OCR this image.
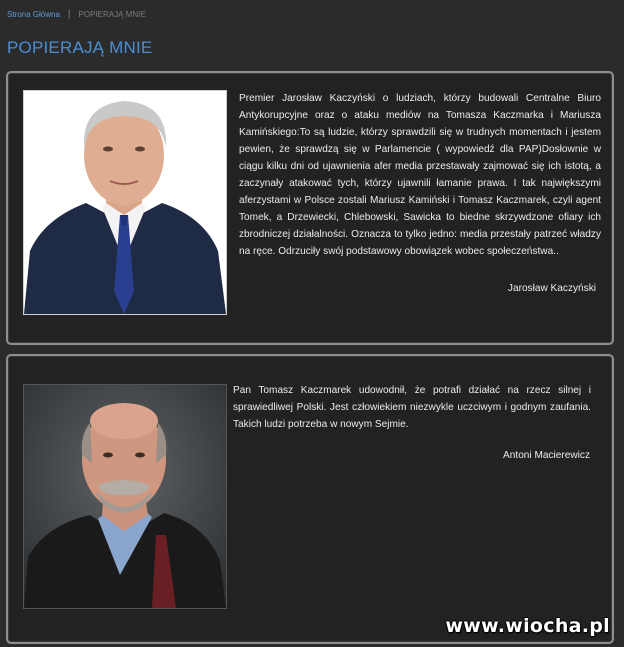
Strona Główna | POPIERAJĄ MNIE
POPIERAJĄ MNIE

Premier Jarosław Kaczyński o ludziach, którzy budowali Centralne Biuro Antykorupcyjne oraz o ataku mediów na Tomasza Kaczmarka i Mariusza Kamińskiego:To są ludzie, którzy sprawdzili się w trudnych momentach i jestem pewien, że sprawdzą się w Parlamencie ( wypowiedź dla PAP)Dosłownie w ciągu kilku dni od ujawnienia afer media przestawały zajmować się ich istotą, a zaczynały atakować tych, którzy ujawnili łamanie prawa. I tak największymi aferzystami w Polsce zostali Mariusz Kamiński i Tomasz Kaczmarek, czyli agent Tomek, a Drzewiecki, Chlebowski, Sawicka to biedne skrzywdzone ofiary ich zbrodniczej działalności. Oznacza to tylko jedno: media przestały patrzeć władzy na ręce. Odrzuciły swój podstawowy obowiązek wobec społeczeństwa..

Jarosław Kaczyński

Pan Tomasz Kaczmarek udowodnił, że potrafi działać na rzecz silnej i sprawiedliwej Polski. Jest człowiekiem niezwykle uczciwym i godnym zaufania. Takich ludzi potrzeba w nowym Sejmie.

Antoni Macierewicz
www.wiocha.pl
